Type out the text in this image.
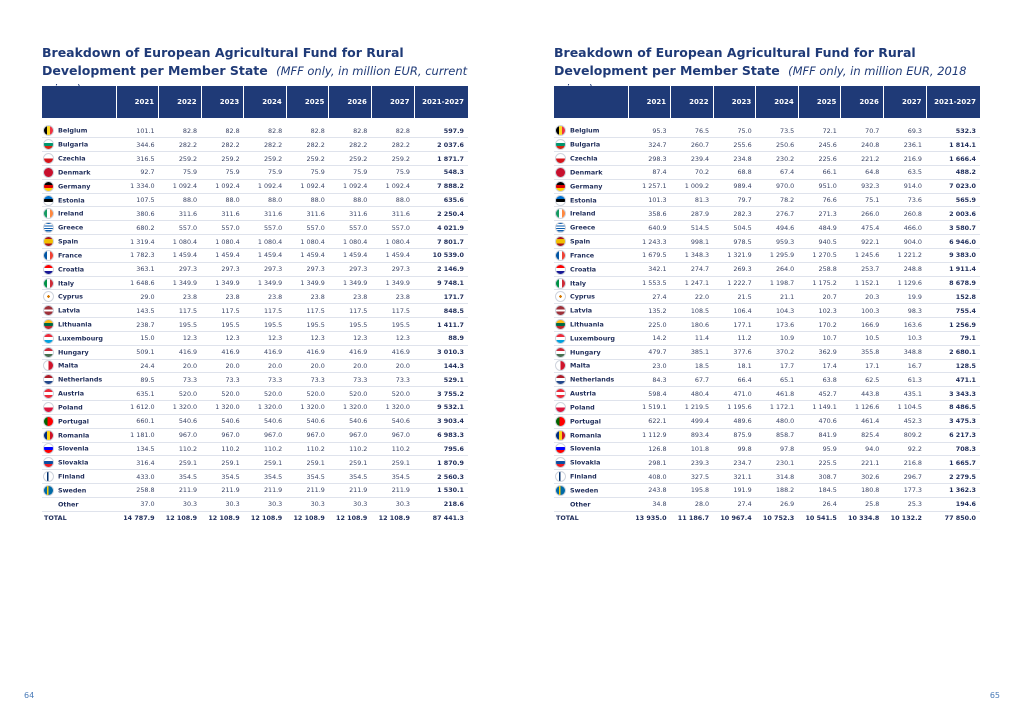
Breakdown of European Agricultural Fund for Rural Development per Member State (MFF only, in million EUR, current
	2021	2022	2023	2024	2025	2026	2027	2021-2027

Belgium	101.1	82.8	82.8	82.8	82.8	82.8	82.8	597.9
Bulgaria	344.6	282.2	282.2	282.2	282.2	282.2	282.2	2 037.6
Czechia	316.5	259.2	259.2	259.2	259.2	259.2	259.2	1 871.7
Denmark	92.7	75.9	75.9	75.9	75.9	75.9	75.9	548.3
Germany	1 334.0	1 092.4	1 092.4	1 092.4	1 092.4	1 092.4	1 092.4	7 888.2
Estonia	107.5	88.0	88.0	88.0	88.0	88.0	88.0	635.6
Ireland	380.6	311.6	311.6	311.6	311.6	311.6	311.6	2 250.4
Greece	680.2	557.0	557.0	557.0	557.0	557.0	557.0	4 021.9
Spain	1 319.4	1 080.4	1 080.4	1 080.4	1 080.4	1 080.4	1 080.4	7 801.7
France	1 782.3	1 459.4	1 459.4	1 459.4	1 459.4	1 459.4	1 459.4	10 539.0
Croatia	363.1	297.3	297.3	297.3	297.3	297.3	297.3	2 146.9
Italy	1 648.6	1 349.9	1 349.9	1 349.9	1 349.9	1 349.9	1 349.9	9 748.1
Cyprus	29.0	23.8	23.8	23.8	23.8	23.8	23.8	171.7
Latvia	143.5	117.5	117.5	117.5	117.5	117.5	117.5	848.5
Lithuania	238.7	195.5	195.5	195.5	195.5	195.5	195.5	1 411.7
Luxembourg	15.0	12.3	12.3	12.3	12.3	12.3	12.3	88.9
Hungary	509.1	416.9	416.9	416.9	416.9	416.9	416.9	3 010.3
Malta	24.4	20.0	20.0	20.0	20.0	20.0	20.0	144.3
Netherlands	89.5	73.3	73.3	73.3	73.3	73.3	73.3	529.1
Austria	635.1	520.0	520.0	520.0	520.0	520.0	520.0	3 755.2
Poland	1 612.0	1 320.0	1 320.0	1 320.0	1 320.0	1 320.0	1 320.0	9 532.1
Portugal	660.1	540.6	540.6	540.6	540.6	540.6	540.6	3 903.4
Romania	1 181.0	967.0	967.0	967.0	967.0	967.0	967.0	6 983.3
Slovenia	134.5	110.2	110.2	110.2	110.2	110.2	110.2	795.6
Slovakia	316.4	259.1	259.1	259.1	259.1	259.1	259.1	1 870.9
Finland	433.0	354.5	354.5	354.5	354.5	354.5	354.5	2 560.3
Sweden	258.8	211.9	211.9	211.9	211.9	211.9	211.9	1 530.1
Other	37.0	30.3	30.3	30.3	30.3	30.3	30.3	218.6
TOTAL	14 787.9	12 108.9	12 108.9	12 108.9	12 108.9	12 108.9	12 108.9	87 441.3
64
Breakdown of European Agricultural Fund for Rural Development per Member State (MFF only, in million EUR, 2018
	2021	2022	2023	2024	2025	2026	2027	2021-2027

Belgium	95.3	76.5	75.0	73.5	72.1	70.7	69.3	532.3
Bulgaria	324.7	260.7	255.6	250.6	245.6	240.8	236.1	1 814.1
Czechia	298.3	239.4	234.8	230.2	225.6	221.2	216.9	1 666.4
Denmark	87.4	70.2	68.8	67.4	66.1	64.8	63.5	488.2
Germany	1 257.1	1 009.2	989.4	970.0	951.0	932.3	914.0	7 023.0
Estonia	101.3	81.3	79.7	78.2	76.6	75.1	73.6	565.9
Ireland	358.6	287.9	282.3	276.7	271.3	266.0	260.8	2 003.6
Greece	640.9	514.5	504.5	494.6	484.9	475.4	466.0	3 580.7
Spain	1 243.3	998.1	978.5	959.3	940.5	922.1	904.0	6 946.0
France	1 679.5	1 348.3	1 321.9	1 295.9	1 270.5	1 245.6	1 221.2	9 383.0
Croatia	342.1	274.7	269.3	264.0	258.8	253.7	248.8	1 911.4
Italy	1 553.5	1 247.1	1 222.7	1 198.7	1 175.2	1 152.1	1 129.6	8 678.9
Cyprus	27.4	22.0	21.5	21.1	20.7	20.3	19.9	152.8
Latvia	135.2	108.5	106.4	104.3	102.3	100.3	98.3	755.4
Lithuania	225.0	180.6	177.1	173.6	170.2	166.9	163.6	1 256.9
Luxembourg	14.2	11.4	11.2	10.9	10.7	10.5	10.3	79.1
Hungary	479.7	385.1	377.6	370.2	362.9	355.8	348.8	2 680.1
Malta	23.0	18.5	18.1	17.7	17.4	17.1	16.7	128.5
Netherlands	84.3	67.7	66.4	65.1	63.8	62.5	61.3	471.1
Austria	598.4	480.4	471.0	461.8	452.7	443.8	435.1	3 343.3
Poland	1 519.1	1 219.5	1 195.6	1 172.1	1 149.1	1 126.6	1 104.5	8 486.5
Portugal	622.1	499.4	489.6	480.0	470.6	461.4	452.3	3 475.3
Romania	1 112.9	893.4	875.9	858.7	841.9	825.4	809.2	6 217.3
Slovenia	126.8	101.8	99.8	97.8	95.9	94.0	92.2	708.3
Slovakia	298.1	239.3	234.7	230.1	225.5	221.1	216.8	1 665.7
Finland	408.0	327.5	321.1	314.8	308.7	302.6	296.7	2 279.5
Sweden	243.8	195.8	191.9	188.2	184.5	180.8	177.3	1 362.3
Other	34.8	28.0	27.4	26.9	26.4	25.8	25.3	194.6
TOTAL	13 935.0	11 186.7	10 967.4	10 752.3	10 541.5	10 334.8	10 132.2	77 850.0
65
